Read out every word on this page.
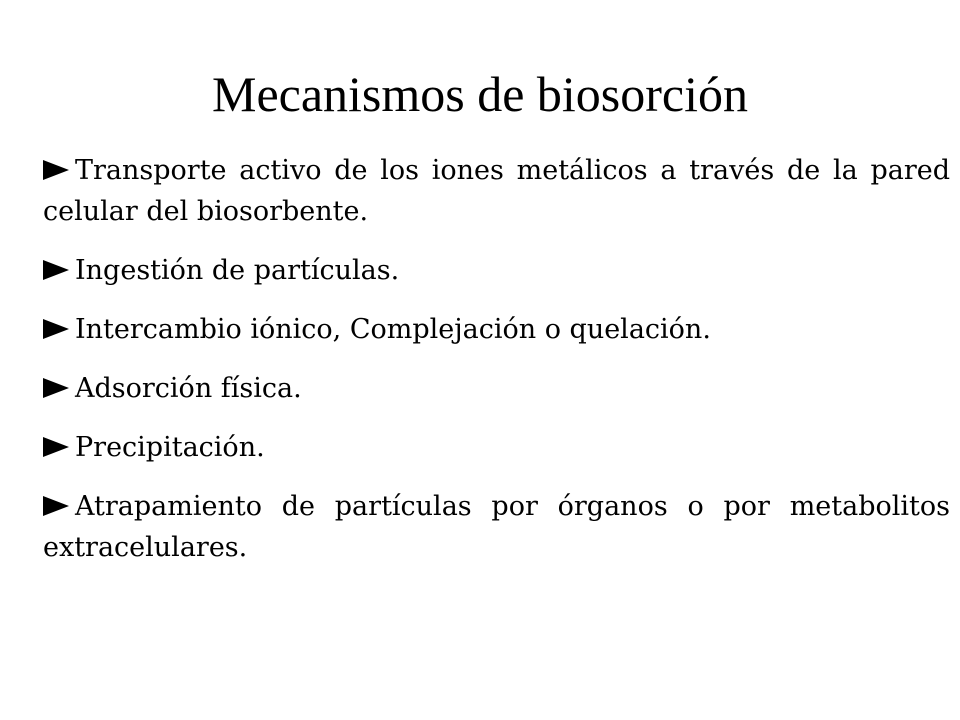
Mecanismos de biosorción
Transporte activo de los iones metálicos a través de la pared celular del biosorbente.
Ingestión de partículas.
Intercambio iónico, Complejación o quelación.
Adsorción física.
Precipitación.
Atrapamiento de partículas por órganos o por metabolitos extracelulares.
